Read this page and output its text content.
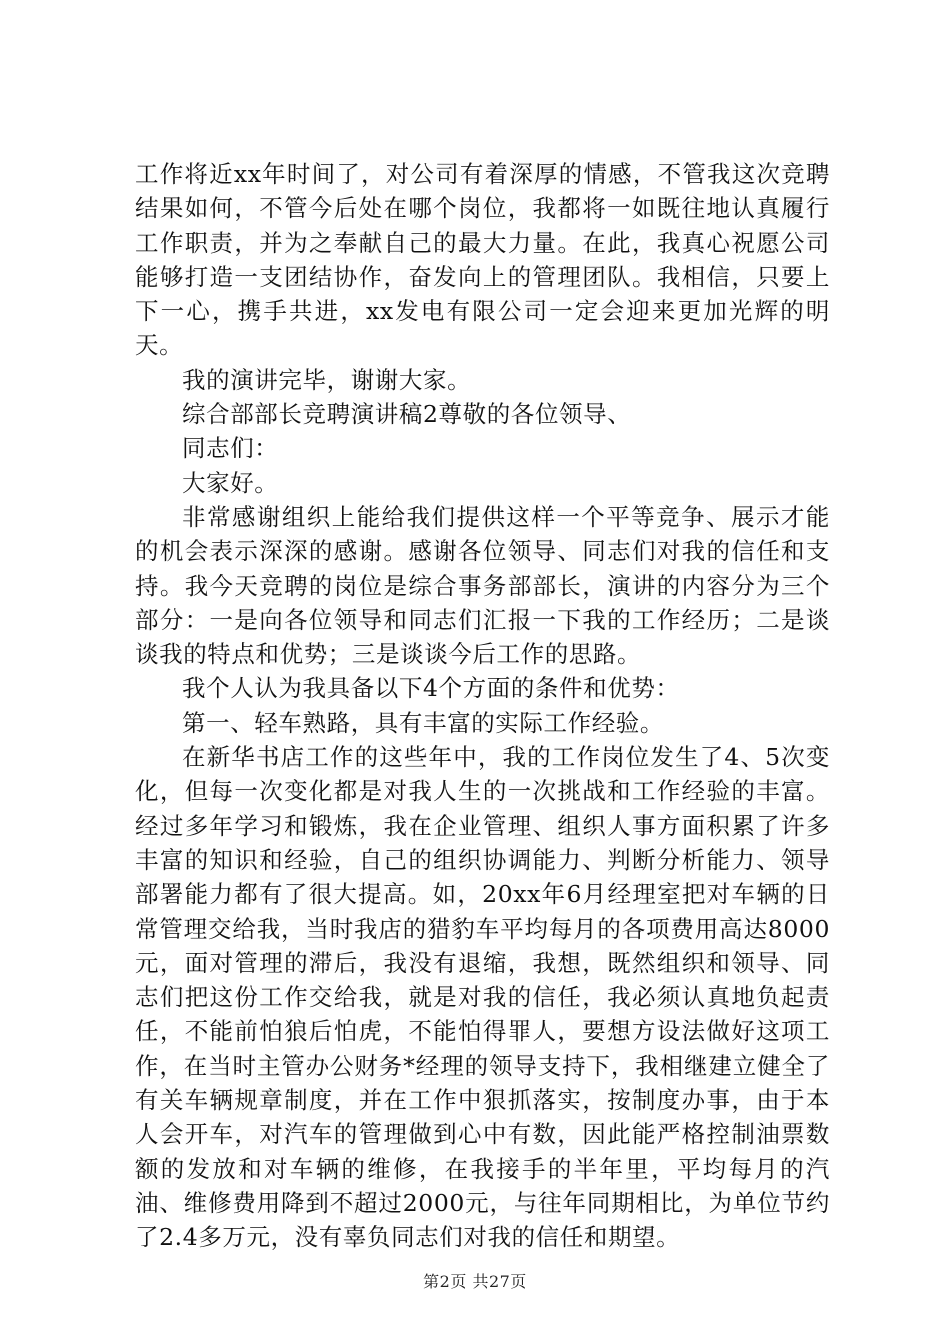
工作将近xx年时间了，对公司有着深厚的情感，不管我这次竞聘结果如何，不管今后处在哪个岗位，我都将一如既往地认真履行工作职责，并为之奉献自己的最大力量。在此，我真心祝愿公司能够打造一支团结协作，奋发向上的管理团队。我相信，只要上下一心，携手共进，xx发电有限公司一定会迎来更加光辉的明天。

我的演讲完毕，谢谢大家。

综合部部长竞聘演讲稿2尊敬的各位领导、

同志们：

大家好。

非常感谢组织上能给我们提供这样一个平等竞争、展示才能的机会表示深深的感谢。感谢各位领导、同志们对我的信任和支持。我今天竞聘的岗位是综合事务部部长，演讲的内容分为三个部分：一是向各位领导和同志们汇报一下我的工作经历；二是谈谈我的特点和优势；三是谈谈今后工作的思路。

我个人认为我具备以下4个方面的条件和优势：

第一、轻车熟路，具有丰富的实际工作经验。

在新华书店工作的这些年中，我的工作岗位发生了4、5次变化，但每一次变化都是对我人生的一次挑战和工作经验的丰富。经过多年学习和锻炼，我在企业管理、组织人事方面积累了许多丰富的知识和经验，自己的组织协调能力、判断分析能力、领导部署能力都有了很大提高。如，20xx年6月经理室把对车辆的日常管理交给我，当时我店的猎豹车平均每月的各项费用高达8000元，面对管理的滞后，我没有退缩，我想，既然组织和领导、同志们把这份工作交给我，就是对我的信任，我必须认真地负起责任，不能前怕狼后怕虎，不能怕得罪人，要想方设法做好这项工作，在当时主管办公财务*经理的领导支持下，我相继建立健全了有关车辆规章制度，并在工作中狠抓落实，按制度办事，由于本人会开车，对汽车的管理做到心中有数，因此能严格控制油票数额的发放和对车辆的维修，在我接手的半年里，平均每月的汽油、维修费用降到不超过2000元，与往年同期相比，为单位节约了2.4多万元，没有辜负同志们对我的信任和期望。

第2页 共27页
